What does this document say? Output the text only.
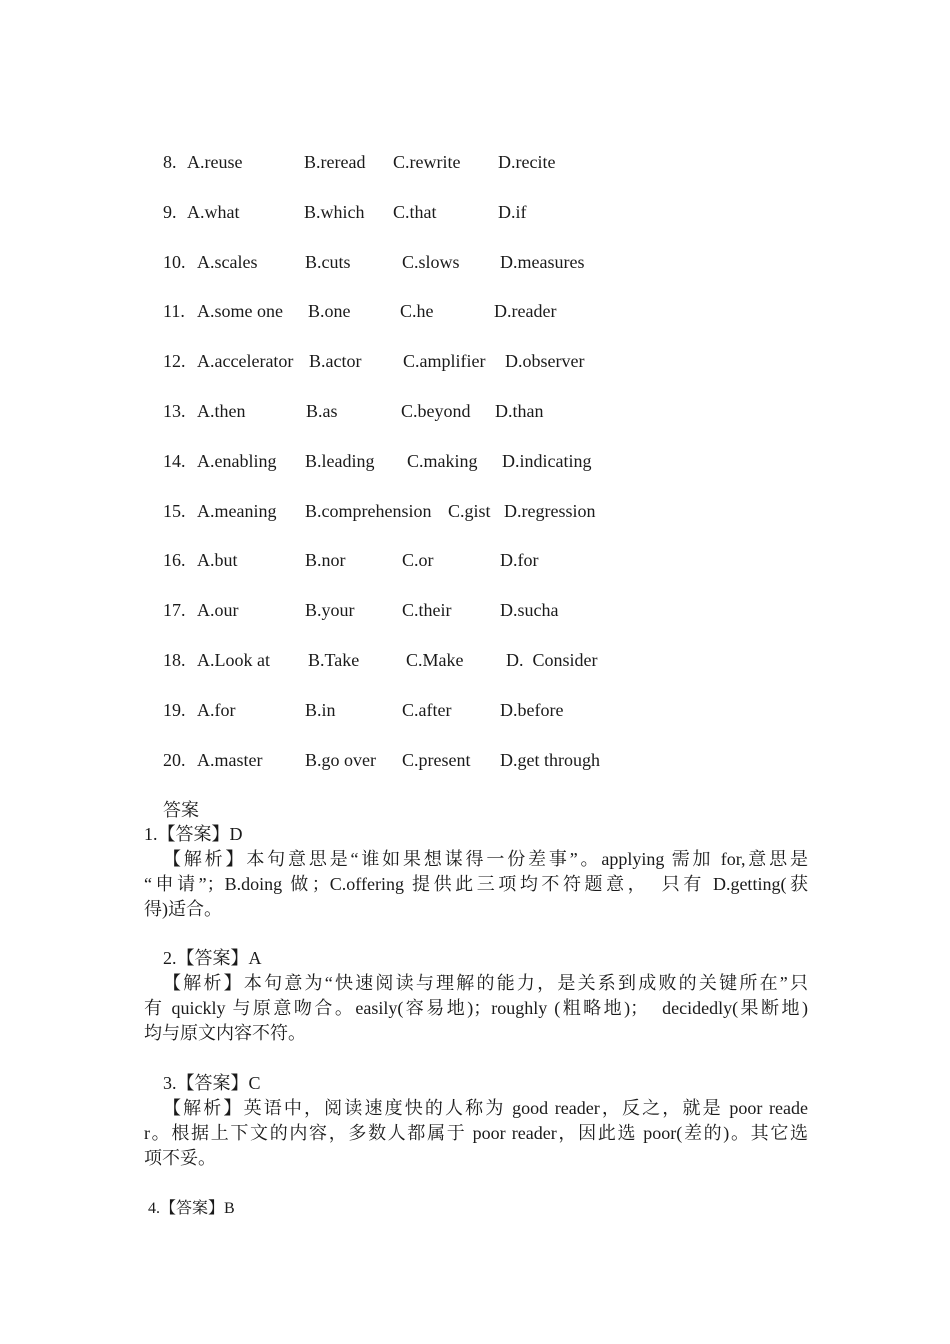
8. A.reuse	B.reread C.rewrite D.recite
9. A.what	B.which C.that	D.if
10. A.scales	B.cuts	C.slows D.measures
11. A.some one B.one	C.he	D.reader
12. A.accelerator B.actor C.amplifier D.observer
13. A.then	B.as	C.beyond D.than
14. A.enabling B.leading C.making D.indicating
15. A.meaning B.comprehension C.gist D.regression
16. A.but	B.nor	C.or	D.for
17. A.our	B.your	C.their	D.sucha
18. A.Look at B.Take	C.Make D.  Consider
19. A.for	B.in	C.after	D.before
20. A.master B.go over C.present D.get through
答案
1.【答案】D
【解析】本句意思是“谁如果想谋得一份差事”。applying 需加 for,意思是
“申请”；B.doing 做；C.offering 提供此三项均不符题意，　只有 D.getting(获
得)适合。
2.【答案】A
【解析】本句意为“快速阅读与理解的能力，是关系到成败的关键所在”只
有 quickly 与原意吻合。easily(容易地)；roughly (粗略地)；　decidedly(果断地)
均与原文内容不符。
3.【答案】C
【解析】英语中，阅读速度快的人称为 good reader，反之，就是 poor reade
r。根据上下文的内容，多数人都属于 poor reader，因此选 poor(差的)。其它选
项不妥。
4.【答案】B
